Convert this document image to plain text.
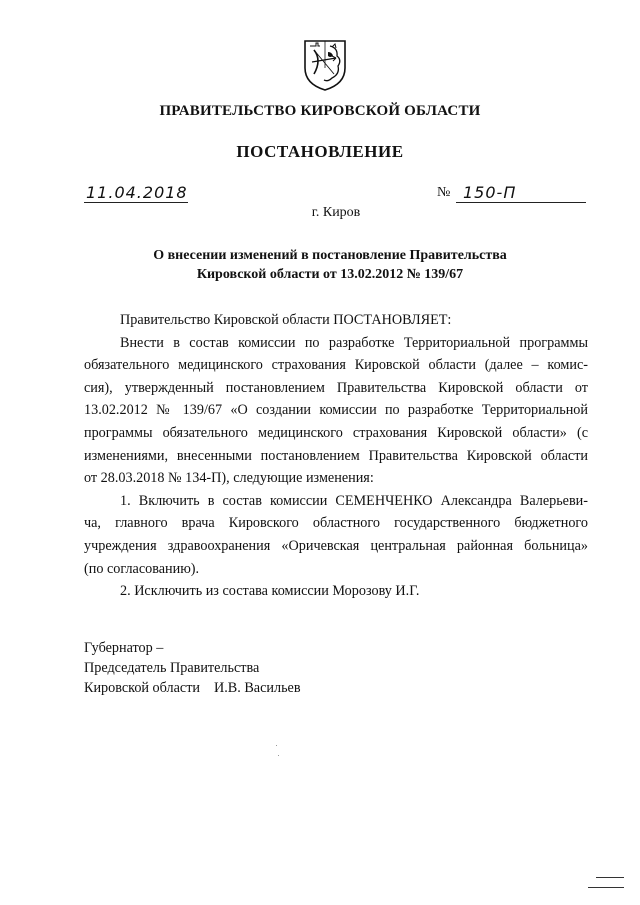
ПРАВИТЕЛЬСТВО КИРОВСКОЙ ОБЛАСТИ
ПОСТАНОВЛЕНИЕ
11.04.2018	№ 150-П
г. Киров
О внесении изменений в постановление Правительства
Кировской области от 13.02.2012 № 139/67
Правительство Кировской области ПОСТАНОВЛЯЕТ:
Внести в состав комиссии по разработке Территориальной программы
обязательного медицинского страхования Кировской области (далее – комис-
сия), утвержденный постановлением Правительства Кировской области от
13.02.2012 № 139/67 «О создании комиссии по разработке Территориальной
программы обязательного медицинского страхования Кировской области» (с
изменениями, внесенными постановлением Правительства Кировской области
от 28.03.2018 № 134-П), следующие изменения:
1. Включить в состав комиссии СЕМЕНЧЕНКО Александра Валерьеви-
ча, главного врача Кировского областного государственного бюджетного
учреждения здравоохранения «Оричевская центральная районная больница»
(по согласованию).
2. Исключить из состава комиссии Морозову И.Г.
Губернатор –
Председатель Правительства
Кировской области И.В. Васильев
